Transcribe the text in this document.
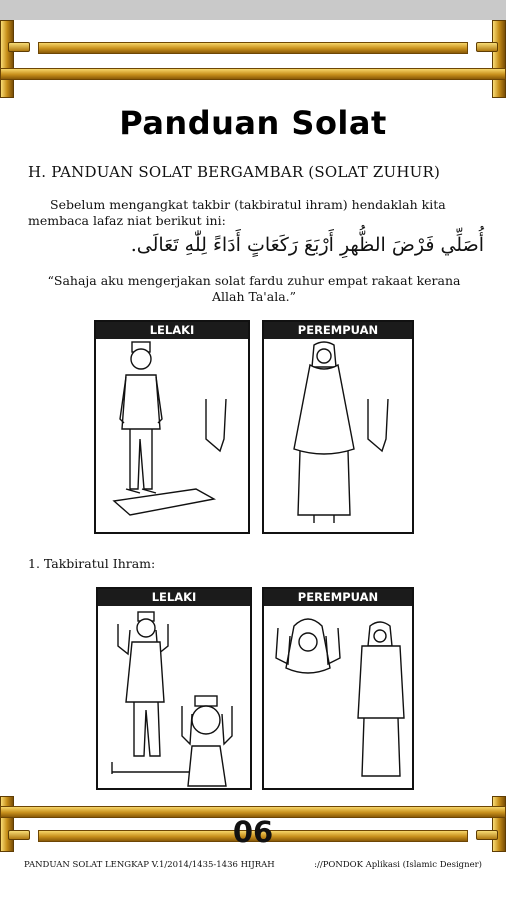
Panduan Solat
H. PANDUAN SOLAT BERGAMBAR (SOLAT ZUHUR)
Sebelum mengangkat takbir (takbiratul ihram) hendaklah kita membaca lafaz niat berikut ini:
أُصَلِّي فَرْضَ الظُّهرِ أَرْبَعَ رَكَعَاتٍ أَدَاءً لِلّٰهِ تَعَالَى.
“Sahaja aku mengerjakan solat fardu zuhur empat rakaat kerana Allah Ta'ala.”
LELAKI	PEREMPUAN
1. Takbiratul Ihram:
LELAKI	PEREMPUAN
06
PANDUAN SOLAT LENGKAP V.1/2014/1435-1436 HIJRAH	://PONDOK Aplikasi (Islamic Designer)
